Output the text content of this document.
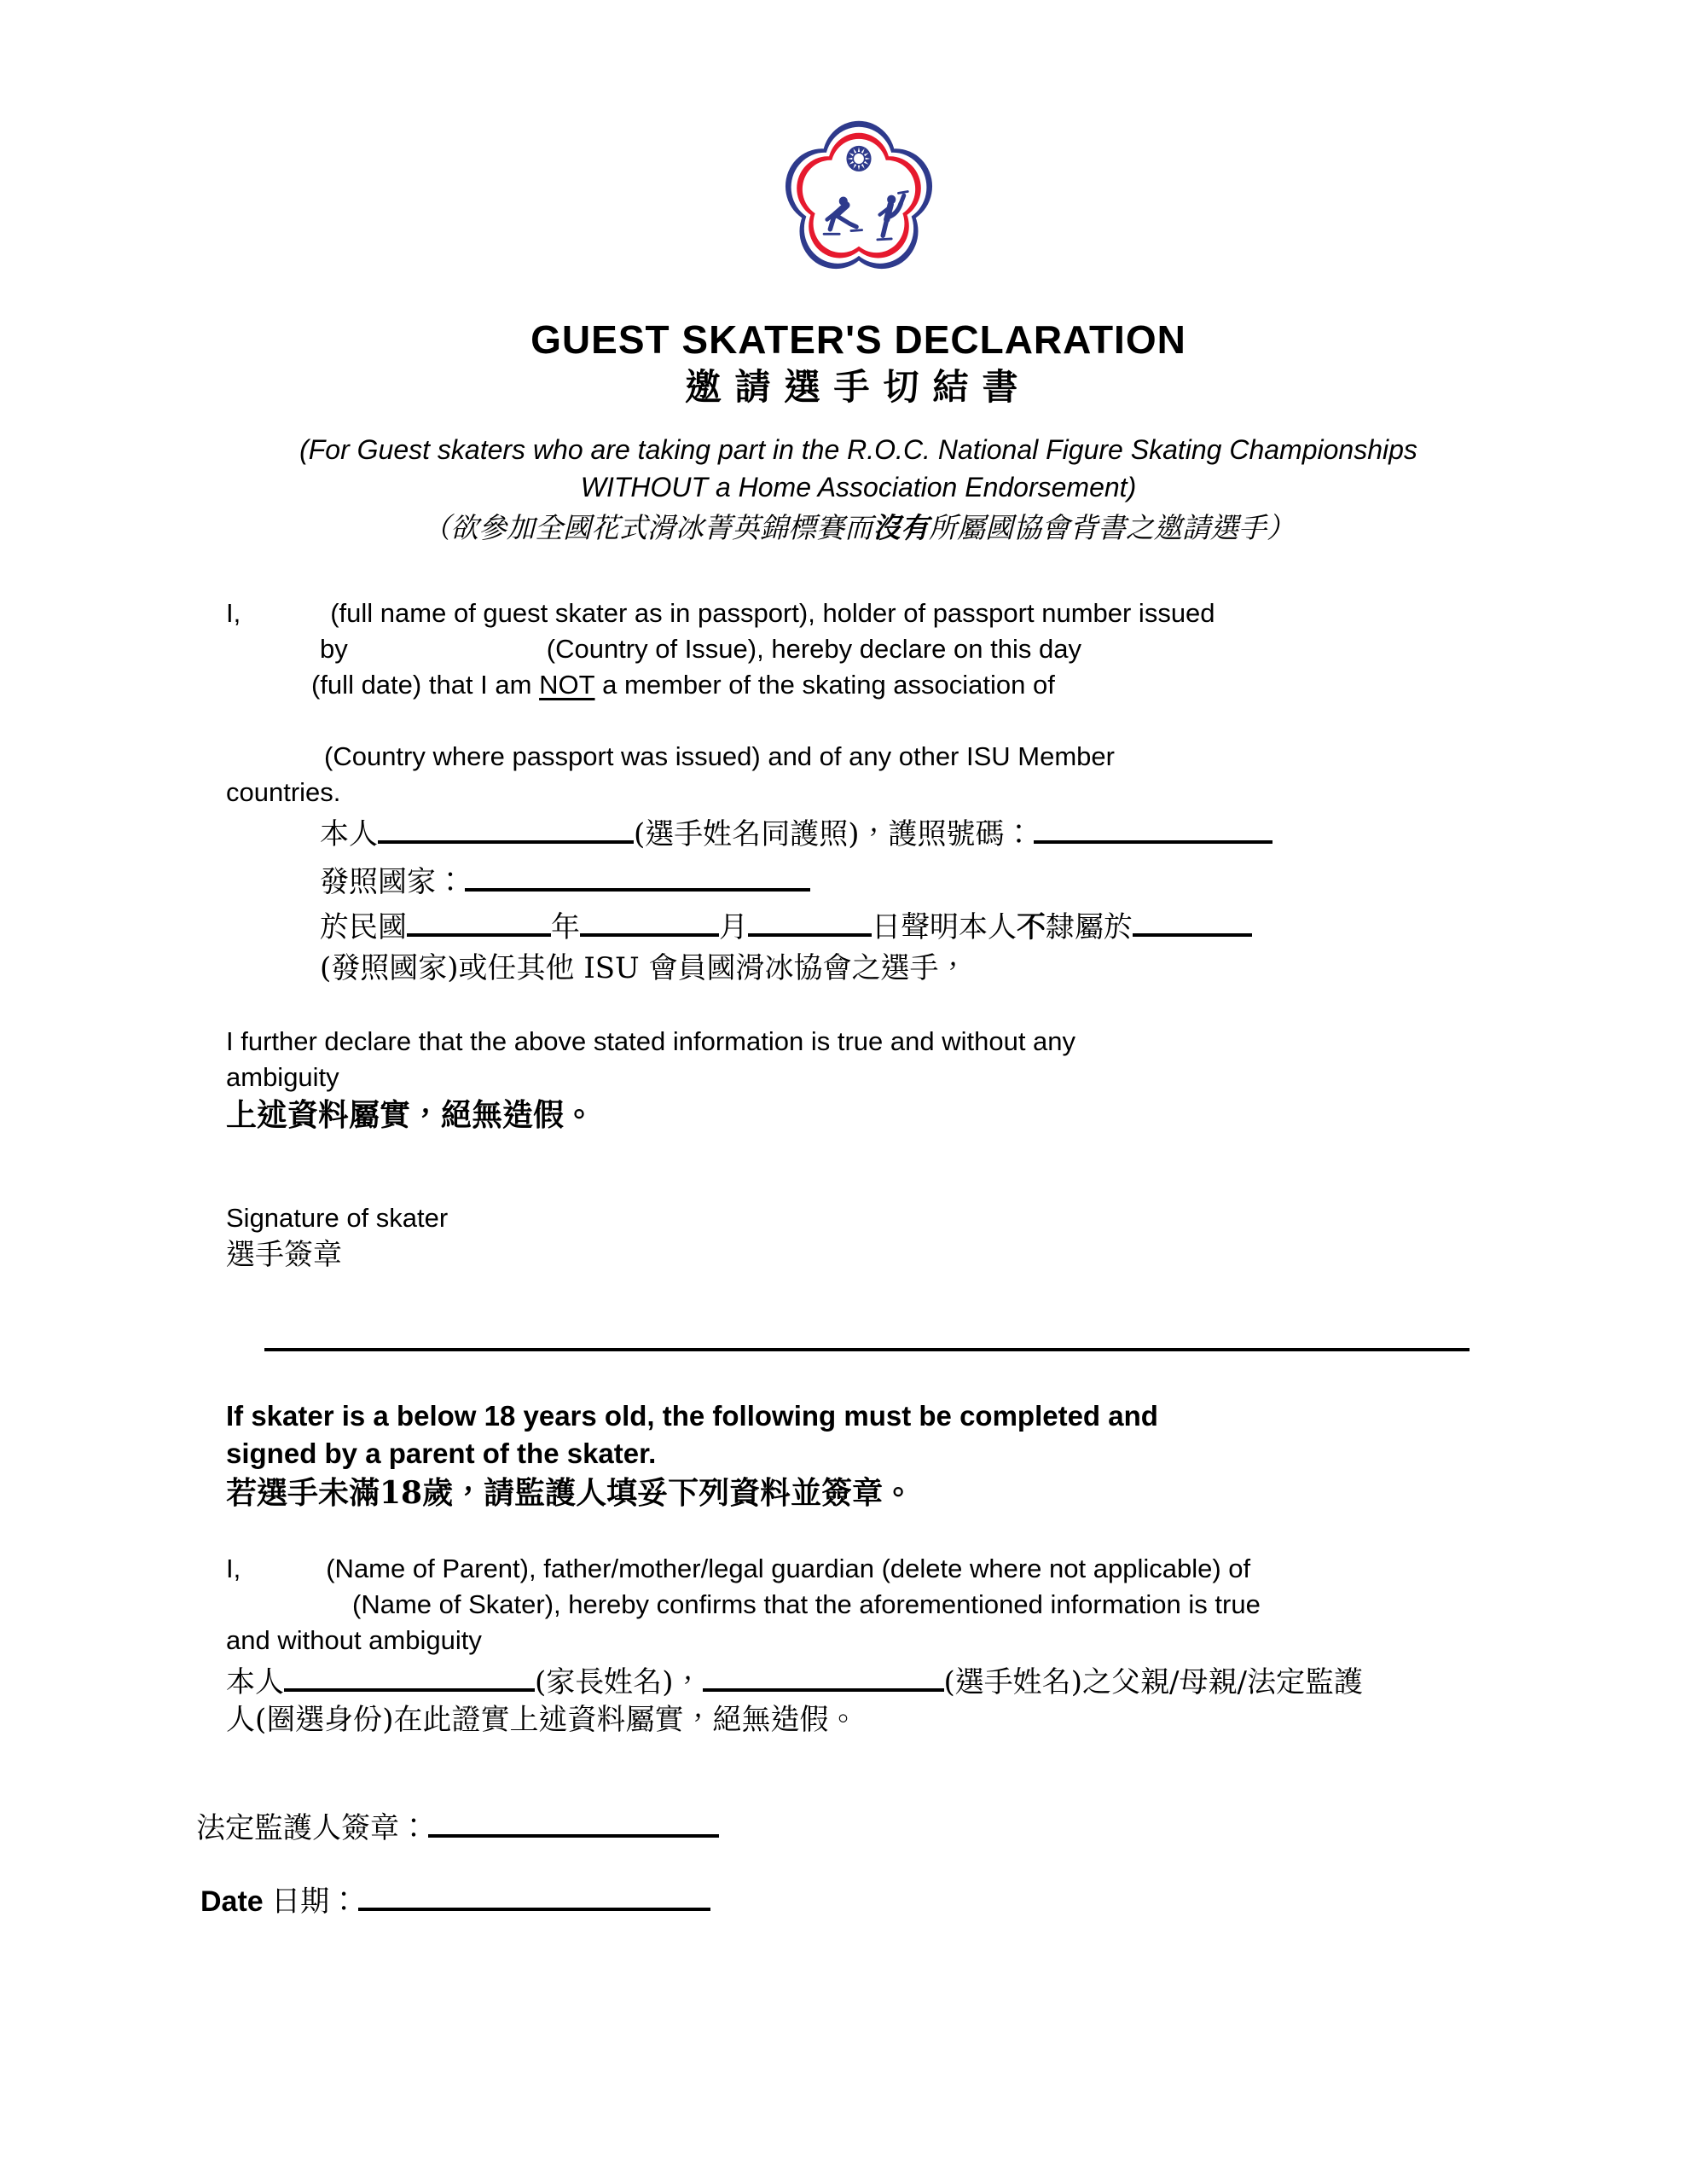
GUEST SKATER'S DECLARATION
邀請選手切結書
(For Guest skaters who are taking part in the R.O.C. National Figure Skating Championships
WITHOUT a Home Association Endorsement)
（欲參加全國花式滑冰菁英錦標賽而沒有所屬國協會背書之邀請選手）
I,	(full name of guest skater as in passport), holder of passport number issued
by	(Country of Issue), hereby declare on this day
(full date) that I am NOT a member of the skating association of

(Country where passport was issued) and of any other ISU Member
countries.
本人	(選手姓名同護照)，護照號碼：
發照國家：
於民國	年	月	日聲明本人不隸屬於
(發照國家)或任其他 ISU 會員國滑冰協會之選手，
I further declare that the above stated information is true and without any
ambiguity
上述資料屬實，絕無造假。
Signature of skater
選手簽章
If skater is a below 18 years old, the following must be completed and
signed by a parent of the skater.
若選手未滿18歲，請監護人填妥下列資料並簽章。
I,	(Name of Parent), father/mother/legal guardian (delete where not applicable) of
(Name of Skater), hereby confirms that the aforementioned information is true
and without ambiguity
本人	(家長姓名)，	(選手姓名)之父親/母親/法定監護
人(圈選身份)在此證實上述資料屬實，絕無造假。
法定監護人簽章：
Date 日期：
